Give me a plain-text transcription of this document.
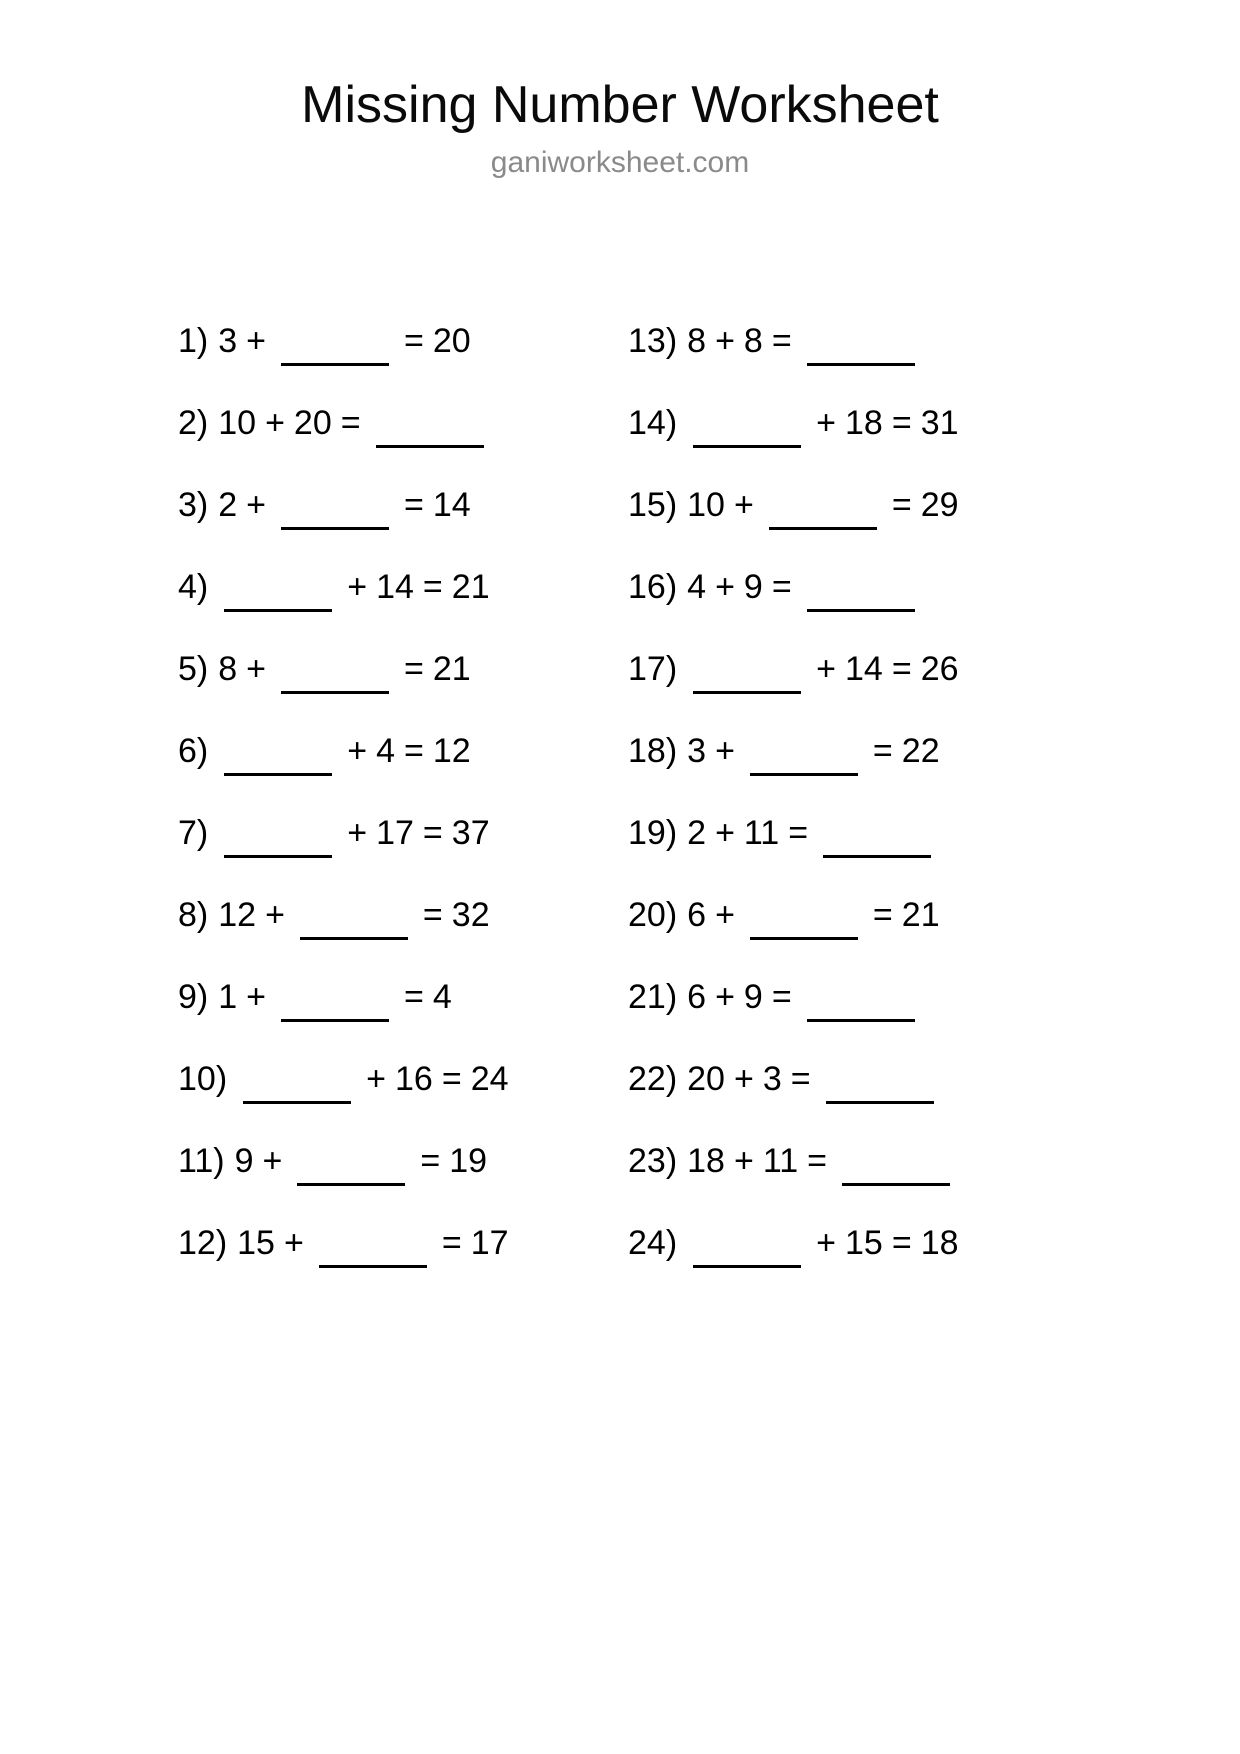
Missing Number Worksheet

ganiworksheet.com

1) 3 +	= 20
2) 10 + 20 =
3) 2 +	= 14
4)	+ 14 = 21
5) 8 +	= 21
6)	+ 4 = 12
7)	+ 17 = 37
8) 12 +	= 32
9) 1 +	= 4
10)	+ 16 = 24
11) 9 +	= 19
12) 15 +	= 17
13) 8 + 8 =
14)	+ 18 = 31
15) 10 +	= 29
16) 4 + 9 =
17)	+ 14 = 26
18) 3 +	= 22
19) 2 + 11 =
20) 6 +	= 21
21) 6 + 9 =
22) 20 + 3 =
23) 18 + 11 =
24)	+ 15 = 18
